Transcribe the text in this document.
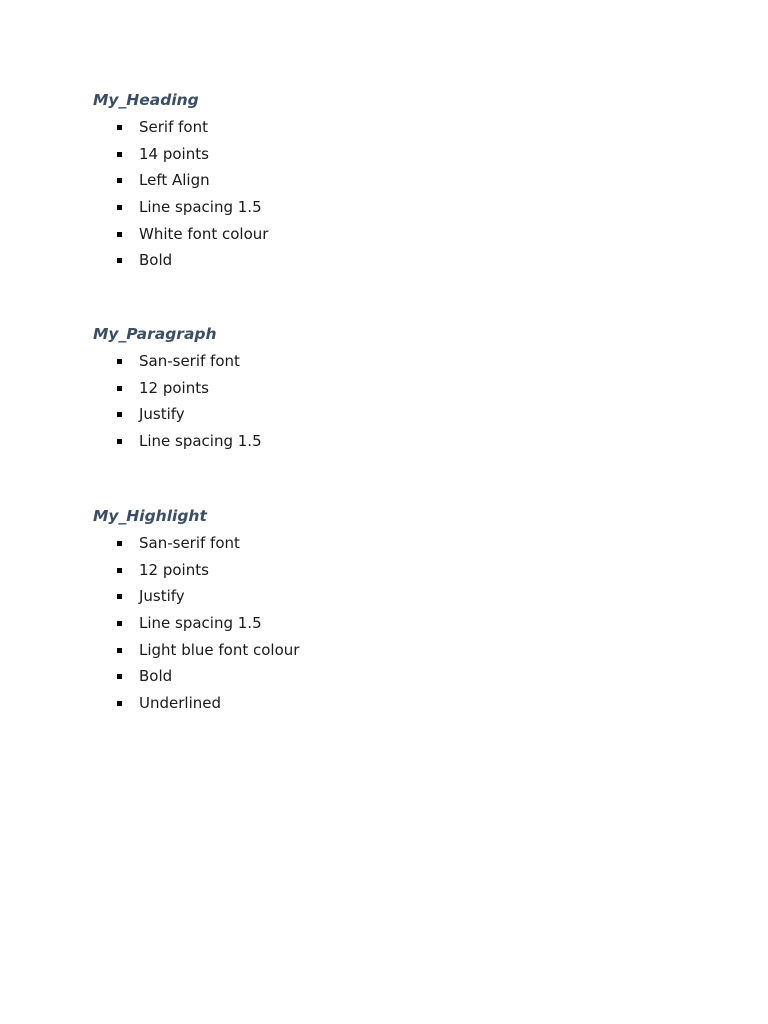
My_Heading
Serif font
14 points
Left Align
Line spacing 1.5
White font colour
Bold
My_Paragraph
San-serif font
12 points
Justify
Line spacing 1.5
My_Highlight
San-serif font
12 points
Justify
Line spacing 1.5
Light blue font colour
Bold
Underlined
